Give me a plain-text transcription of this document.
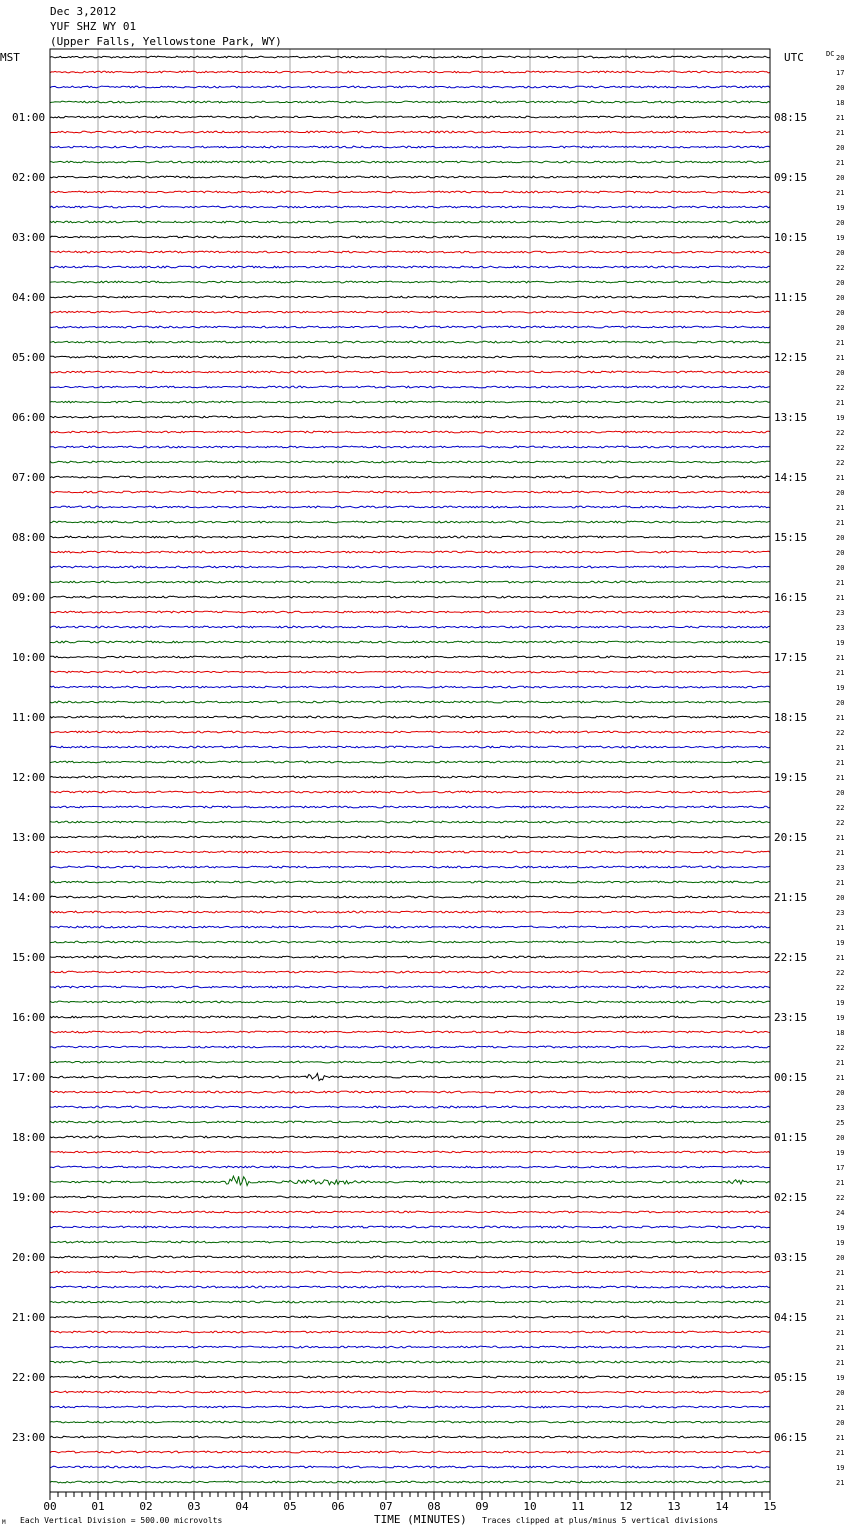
Dec 3,2012
YUF SHZ WY 01
(Upper Falls, Yellowstone Park, WY)
01:00
02:00
03:00
04:00
05:00
06:00
07:00
08:00
09:00
10:00
11:00
12:00
13:00
14:00
15:00
16:00
17:00
18:00
19:00
20:00
21:00
22:00
23:00
08:15
09:15
10:15
11:15
12:15
13:15
14:15
15:15
16:15
17:15
18:15
19:15
20:15
21:15
22:15
23:15
00:15
01:15
02:15
03:15
04:15
05:15
06:15
20
17
20
18
21
21
20
21
20
21
19
20
19
20
22
20
20
20
20
21
21
20
22
21
19
22
22
22
21
20
21
21
20
20
20
21
21
23
23
19
21
21
19
20
21
22
21
21
21
20
22
22
21
21
23
21
20
23
21
19
21
22
22
19
19
18
22
21
21
20
23
25
20
19
17
21
22
24
19
19
20
21
21
21
21
21
21
21
19
20
21
20
21
21
19
21
00	01	02	03	04	05	06	07	08	09	10	11	12	13	14	15
MST	UTC	DC
M Each Vertical Division = 500.00 microvolts	TIME (MINUTES) Traces clipped at plus/minus 5 vertical divisions
